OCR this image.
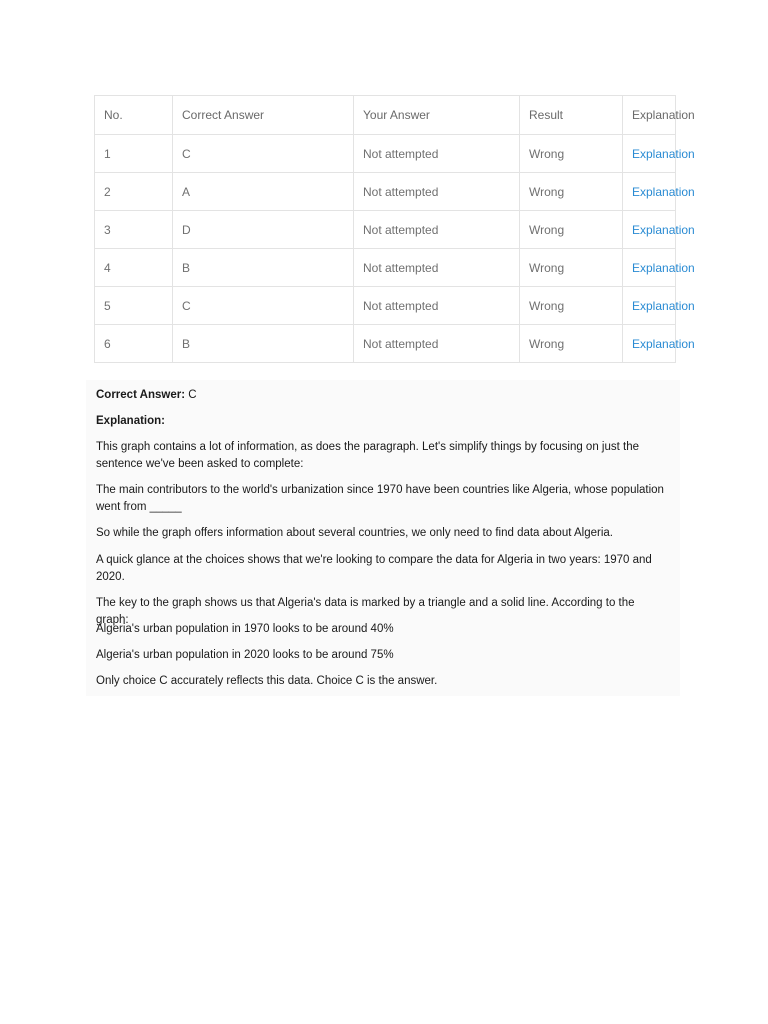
No.	Correct Answer	Your Answer	Result	Explanation
1	C	Not attempted	Wrong	Explanation
2	A	Not attempted	Wrong	Explanation
3	D	Not attempted	Wrong	Explanation
4	B	Not attempted	Wrong	Explanation
5	C	Not attempted	Wrong	Explanation
6	B	Not attempted	Wrong	Explanation

Correct Answer: C

Explanation:

This graph contains a lot of information, as does the paragraph. Let's simplify things by focusing on just the sentence we've been asked to complete:

The main contributors to the world's urbanization since 1970 have been countries like Algeria, whose population went from _____

So while the graph offers information about several countries, we only need to find data about Algeria.

A quick glance at the choices shows that we're looking to compare the data for Algeria in two years: 1970 and 2020.

The key to the graph shows us that Algeria's data is marked by a triangle and a solid line. According to the graph:

Algeria's urban population in 1970 looks to be around 40%

Algeria's urban population in 2020 looks to be around 75%

Only choice C accurately reflects this data. Choice C is the answer.
